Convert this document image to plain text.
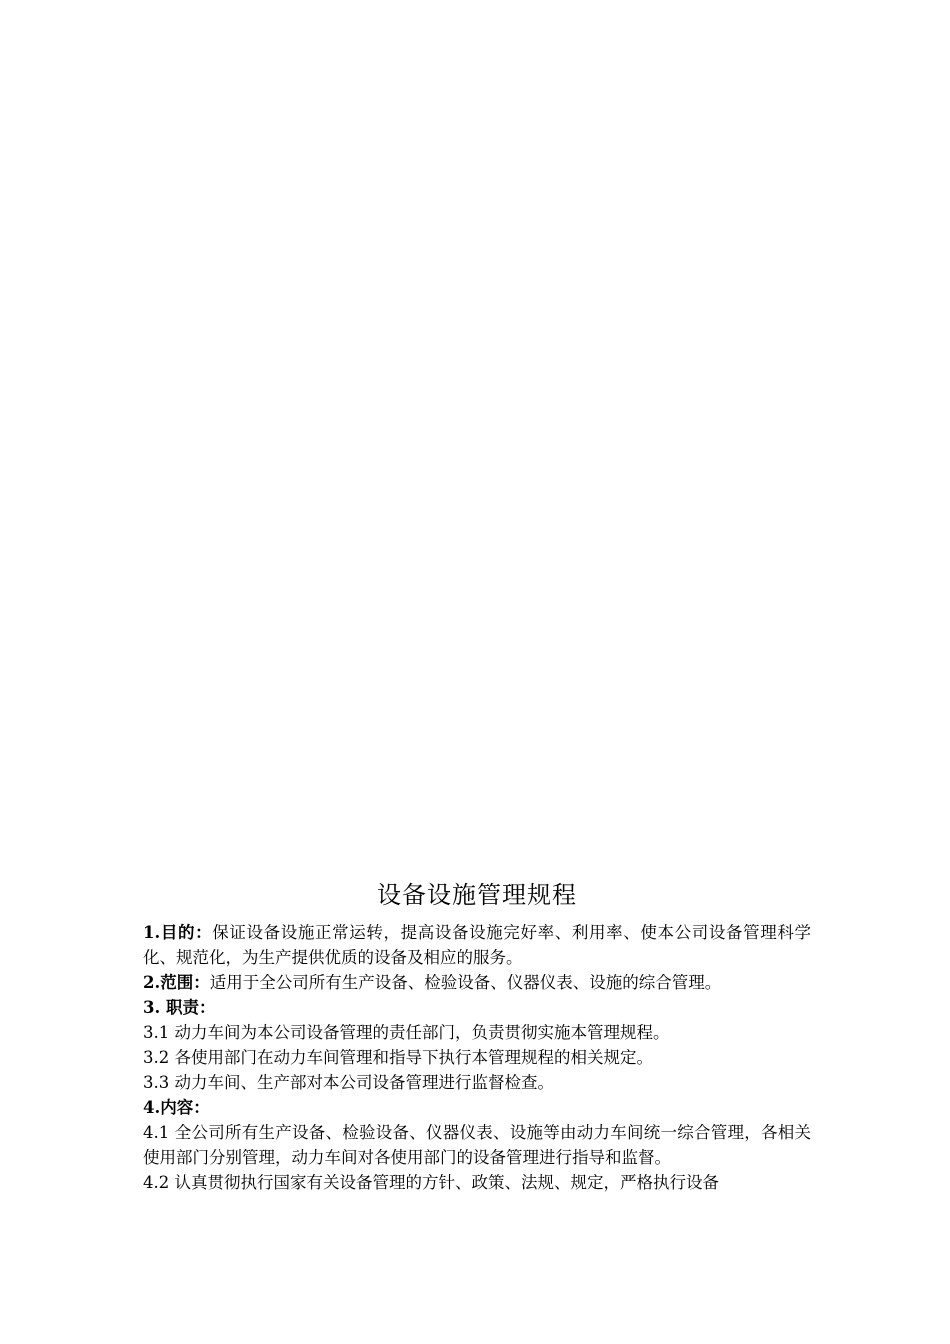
设备设施管理规程

1.目的：保证设备设施正常运转，提高设备设施完好率、利用率、使本公司设备管理科学化、规范化，为生产提供优质的设备及相应的服务。

2.范围：适用于全公司所有生产设备、检验设备、仪器仪表、设施的综合管理。

3. 职责：

3.1 动力车间为本公司设备管理的责任部门，负责贯彻实施本管理规程。

3.2 各使用部门在动力车间管理和指导下执行本管理规程的相关规定。

3.3 动力车间、生产部对本公司设备管理进行监督检查。

4.内容：

4.1 全公司所有生产设备、检验设备、仪器仪表、设施等由动力车间统一综合管理，各相关使用部门分别管理，动力车间对各使用部门的设备管理进行指导和监督。

4.2 认真贯彻执行国家有关设备管理的方针、政策、法规、规定，严格执行设备
